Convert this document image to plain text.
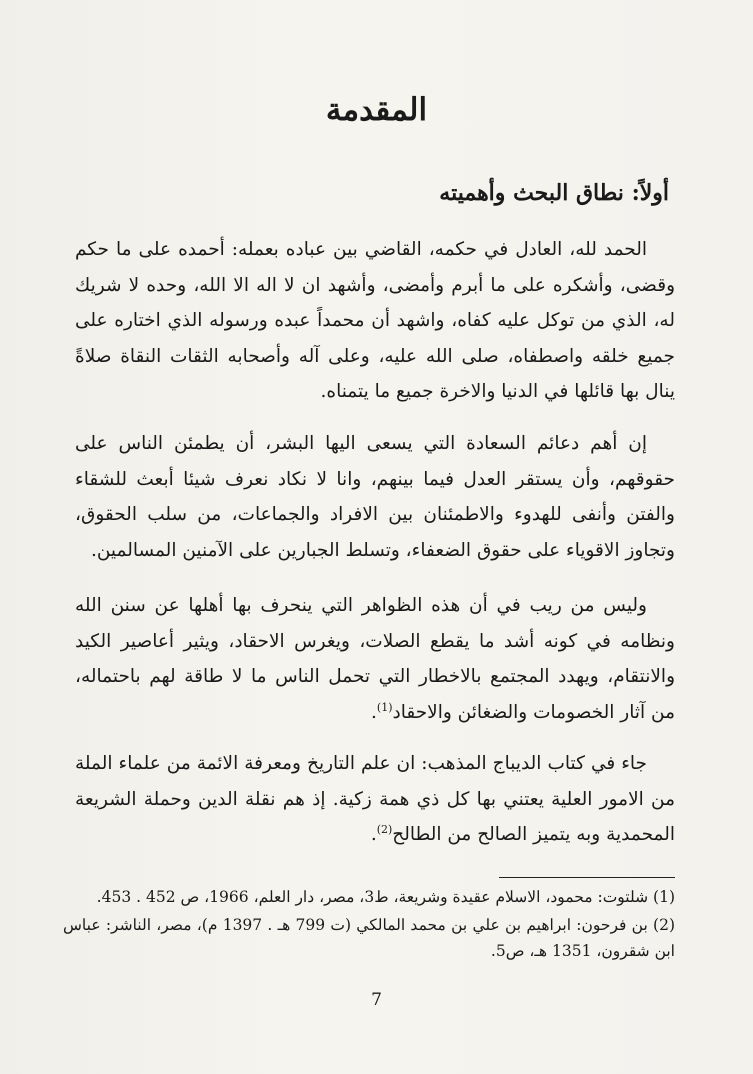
المقدمة
أولاً: نطاق البحث وأهميته

الحمد لله، العادل في حكمه، القاضي بين عباده بعمله: أحمده على ما حكم وقضى، وأشكره على ما أبرم وأمضى، وأشهد ان لا اله الا الله، وحده لا شريك له، الذي من توكل عليه كفاه، واشهد أن محمداً عبده ورسوله الذي اختاره على جميع خلقه واصطفاه، صلى الله عليه، وعلى آله وأصحابه الثقات النقاة صلاةً ينال بها قائلها في الدنيا والاخرة جميع ما يتمناه.

إن أهم دعائم السعادة التي يسعى اليها البشر، أن يطمئن الناس على حقوقهم، وأن يستقر العدل فيما بينهم، وانا لا نكاد نعرف شيئا أبعث للشقاء والفتن وأنفى للهدوء والاطمئنان بين الافراد والجماعات، من سلب الحقوق، وتجاوز الاقوياء على حقوق الضعفاء، وتسلط الجبارين على الآمنين المسالمين.

وليس من ريب في أن هذه الظواهر التي ينحرف بها أهلها عن سنن الله ونظامه في كونه أشد ما يقطع الصلات، ويغرس الاحقاد، ويثير أعاصير الكيد والانتقام، ويهدد المجتمع بالاخطار التي تحمل الناس ما لا طاقة لهم باحتماله، من آثار الخصومات والضغائن والاحقاد$^{(1)}$.

جاء في كتاب الديباج المذهب: ان علم التاريخ ومعرفة الائمة من علماء الملة من الامور العلية يعتني بها كل ذي همة زكية. إذ هم نقلة الدين وحملة الشريعة المحمدية وبه يتميز الصالح من الطالح$^{(2)}$.

(1) شلتوت: محمود، الاسلام عقيدة وشريعة، ط3، مصر، دار العلم، 1966، ص 452 . 453.

(2) بن فرحون: ابراهيم بن علي بن محمد المالكي (ت 799 هـ . 1397 م)، مصر، الناشر: عباس ابن شقرون، 1351 هـ، ص5.

7
